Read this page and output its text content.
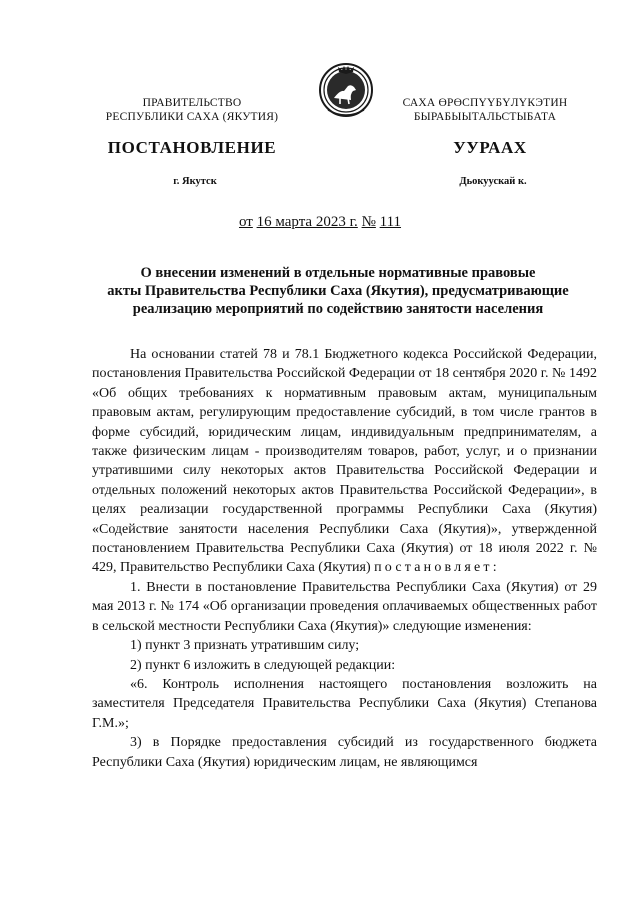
ПРАВИТЕЛЬСТВО
РЕСПУБЛИКИ САХА (ЯКУТИЯ)
САХА ӨРӨСПҮҮБҮЛҮКЭТИН
БЫРАБЫЫТАЛЬСТЫБАТА
ПОСТАНОВЛЕНИЕ	УУРААХ
г. Якутск	Дьокуускай к.
от 16 марта 2023 г. № 111
О внесении изменений в отдельные нормативные правовые
акты Правительства Республики Саха (Якутия), предусматривающие
реализацию мероприятий по содействию занятости населения

На основании статей 78 и 78.1 Бюджетного кодекса Российской Федерации, постановления Правительства Российской Федерации от 18 сентября 2020 г. № 1492 «Об общих требованиях к нормативным правовым актам, муниципальным правовым актам, регулирующим предоставление субсидий, в том числе грантов в форме субсидий, юридическим лицам, индивидуальным предпринимателям, а также физическим лицам - производителям товаров, работ, услуг, и о признании утратившими силу некоторых актов Правительства Российской Федерации и отдельных положений некоторых актов Правительства Российской Федерации», в целях реализации государственной программы Республики Саха (Якутия) «Содействие занятости населения Республики Саха (Якутия)», утвержденной постановлением Правительства Республики Саха (Якутия) от 18 июля 2022 г. № 429, Правительство Республики Саха (Якутия) постановляет:

1. Внести в постановление Правительства Республики Саха (Якутия) от 29 мая 2013 г. № 174 «Об организации проведения оплачиваемых общественных работ в сельской местности Республики Саха (Якутия)» следующие изменения:

1) пункт 3 признать утратившим силу;

2) пункт 6 изложить в следующей редакции:

«6. Контроль исполнения настоящего постановления возложить на заместителя Председателя Правительства Республики Саха (Якутия) Степанова Г.М.»;

3) в Порядке предоставления субсидий из государственного бюджета Республики Саха (Якутия) юридическим лицам, не являющимся
